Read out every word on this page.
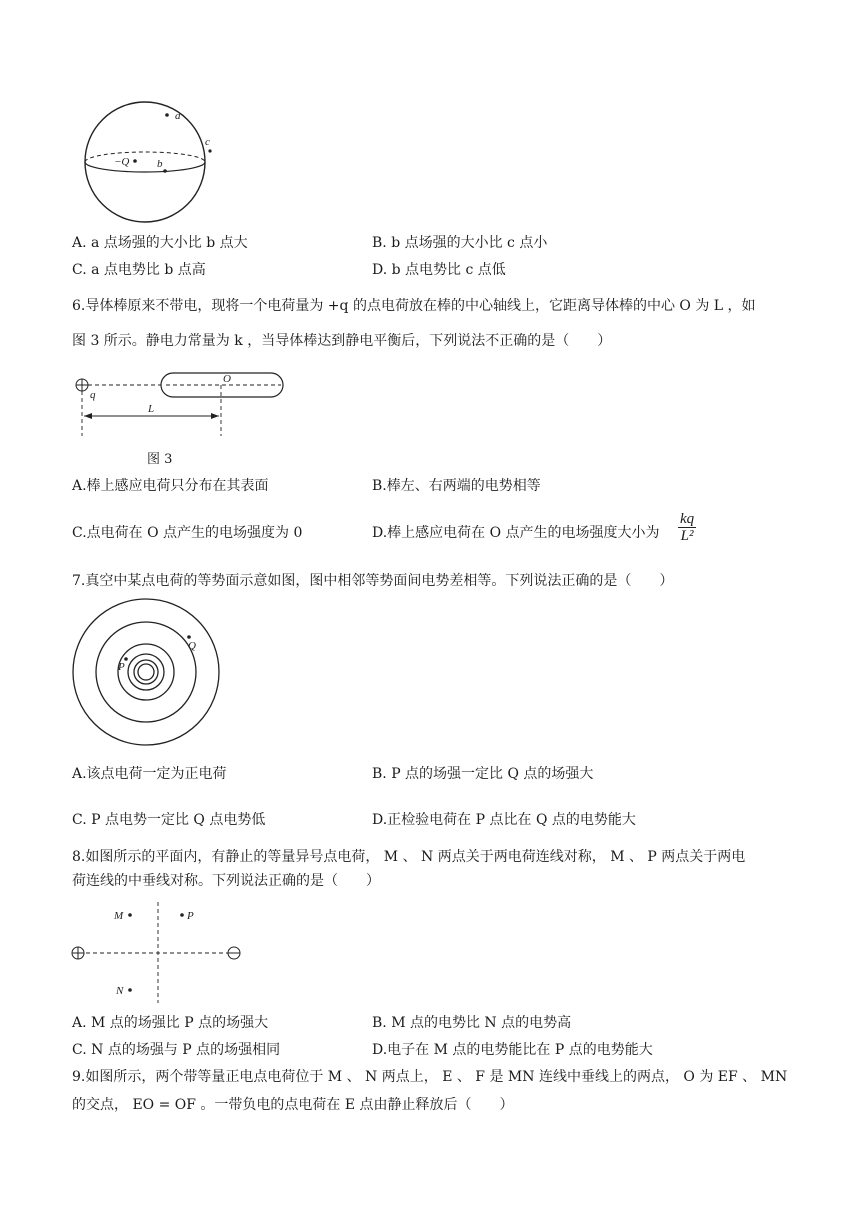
−Q	b
a
c
A. a 点场强的大小比 b 点大	B. b 点场强的大小比 c 点小
C. a 点电势比 b 点高	D. b 点电势比 c 点低
6.导体棒原来不带电，现将一个电荷量为 +q 的点电荷放在棒的中心轴线上，它距离导体棒的中心 O 为 L ，如
图 3 所示。静电力常量为 k ，当导体棒达到静电平衡后，下列说法不正确的是（　　）
q
O
L
图 3
A.棒上感应电荷只分布在其表面	B.棒左、右两端的电势相等
C.点电荷在 O 点产生的电场强度为 0	D.棒上感应电荷在 O 点产生的电场强度大小为 $\frac{kq}{\text{L²}}$
7.真空中某点电荷的等势面示意如图，图中相邻等势面间电势差相等。下列说法正确的是（　　）
P
Q
A.该点电荷一定为正电荷	B. P 点的场强一定比 Q 点的场强大
C. P 点电势一定比 Q 点电势低	D.正检验电荷在 P 点比在 Q 点的电势能大
8.如图所示的平面内，有静止的等量异号点电荷， M 、 N 两点关于两电荷连线对称， M 、 P 两点关于两电
荷连线的中垂线对称。下列说法正确的是（　　）
M	P
N
A. M 点的场强比 P 点的场强大	B. M 点的电势比 N 点的电势高
C. N 点的场强与 P 点的场强相同	D.电子在 M 点的电势能比在 P 点的电势能大
9.如图所示，两个带等量正电点电荷位于 M 、 N 两点上， E 、 F 是 MN 连线中垂线上的两点， O 为 EF 、 MN
的交点， EO = OF 。一带负电的点电荷在 E 点由静止释放后（　　）
